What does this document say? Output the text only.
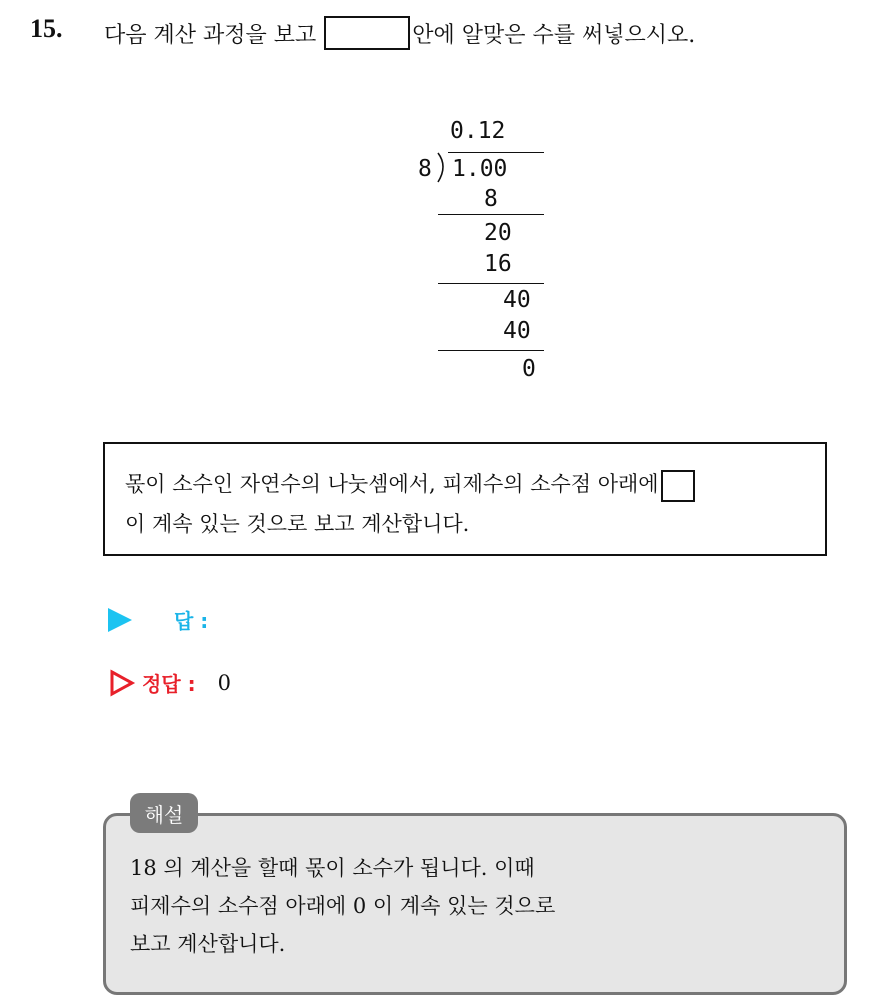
15. 다음 계산 과정을 보고	안에 알맞은 수를 써넣으시오.
0.12
8 1.00
8
20
16
40
40
0
몫이 소수인 자연수의 나눗셈에서, 피제수의 소수점 아래에
이 계속 있는 것으로 보고 계산합니다.
답 :
정답 : 0
18 의 계산을 할때 몫이 소수가 됩니다. 이때
피제수의 소수점 아래에 0 이 계속 있는 것으로
보고 계산합니다.
해설
